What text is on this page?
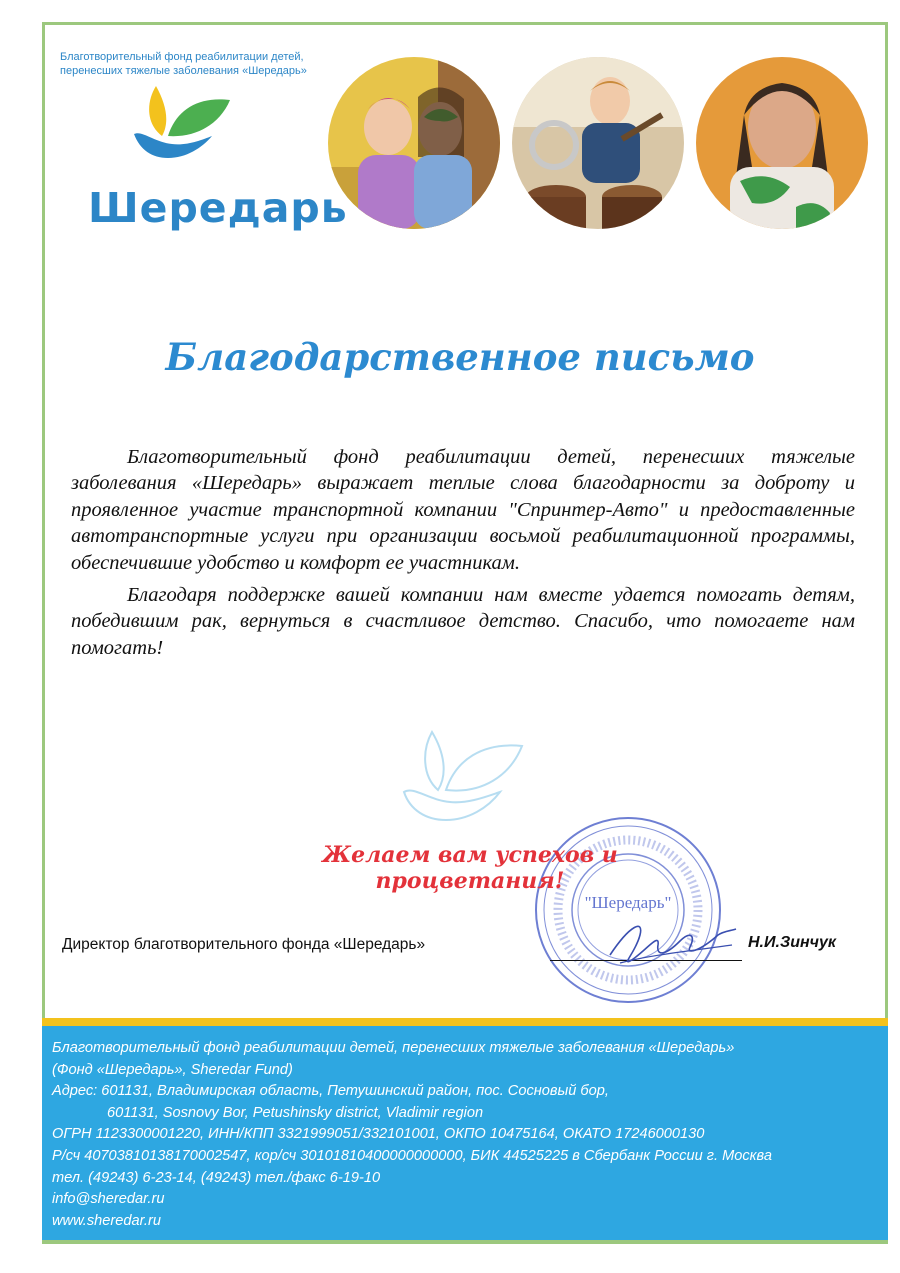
Благотворительный фонд реабилитации детей,
перенесших тяжелые заболевания «Шередарь»
Шередарь
Благодарственное письмо

Благотворительный фонд реабилитации детей, перенесших тяжелые заболевания «Шередарь» выражает теплые слова благодарности за доброту и проявленное участие транспортной компании "Спринтер-Авто" и предоставленные автотранспортные услуги при организации восьмой реабилитационной программы, обеспечившие удобство и комфорт ее участникам.

Благодаря поддержке вашей компании нам вместе удается помогать детям, победившим рак, вернуться в счастливое детство. Спасибо, что помогаете нам помогать!

"Шередарь"
Желаем вам успехов и процветания!
Директор благотворительного фонда «Шередарь»	Н.И.Зинчук
Благотворительный фонд реабилитации детей, перенесших тяжелые заболевания «Шередарь»
(Фонд «Шередарь», Sheredar Fund)
Адрес: 601131, Владимирская область, Петушинский район, пос. Сосновый бор,
601131, Sosnovy Bor, Petushinsky district, Vladimir region
ОГРН 1123300001220, ИНН/КПП 3321999051/332101001, ОКПО 10475164, ОКАТО 17246000130
Р/сч 40703810138170002547, кор/сч 30101810400000000000, БИК 44525225 в Сбербанк России г. Москва
тел. (49243) 6-23-14, (49243) тел./факс 6-19-10
info@sheredar.ru
www.sheredar.ru
